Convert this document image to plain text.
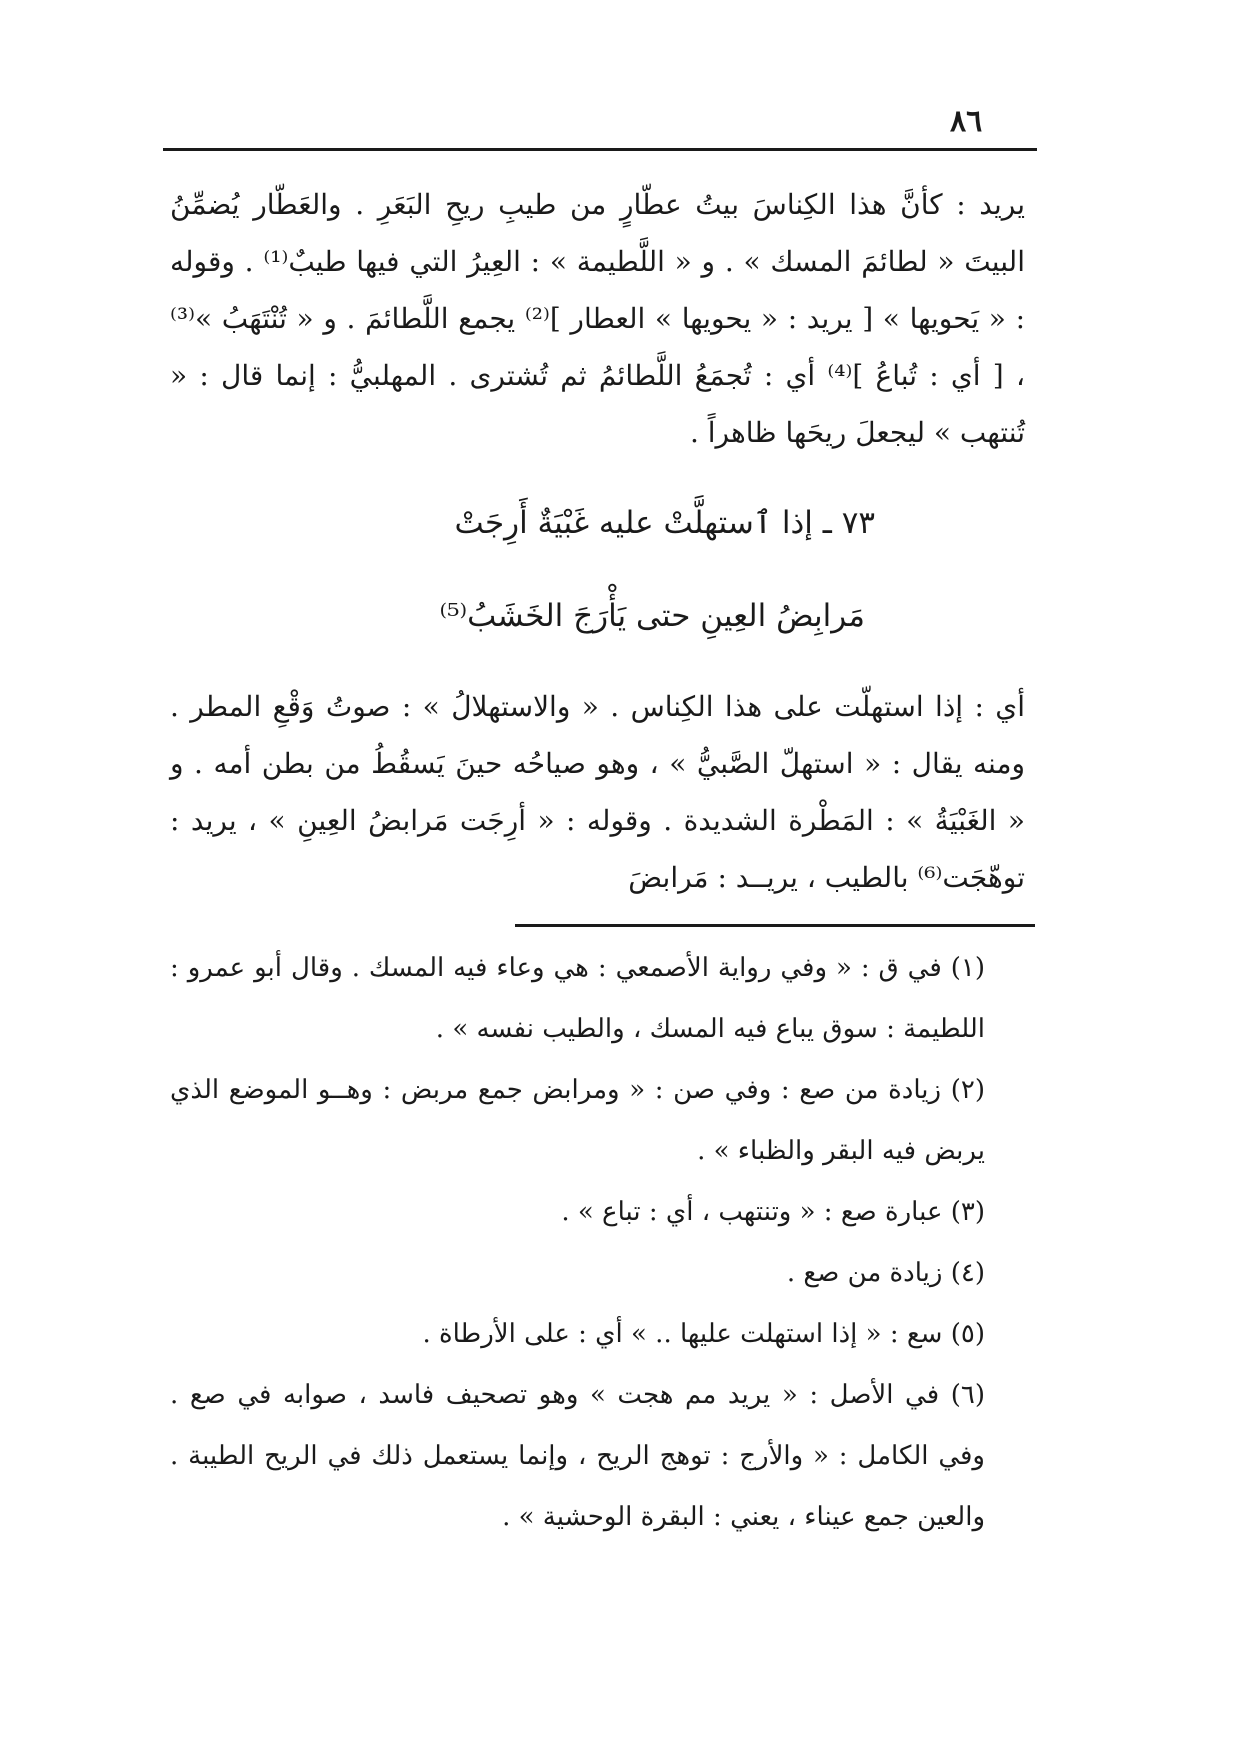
٨٦

يريد : كأنَّ هذا الكِناسَ بيتُ عطّارٍ من طيبِ ريحِ البَعَرِ . والعَطّار يُضمِّنُ البيتَ « لطائمَ المسك » . و « اللَّطيمة » : العِيرُ التي فيها طيبٌ⁽¹⁾ . وقوله : « يَحويها » [ يريد : « يحويها » العطار ]⁽²⁾ يجمع اللَّطائمَ . و « تُنْتَهَبُ »⁽³⁾ ، [ أي : تُباعُ ]⁽⁴⁾ أي : تُجمَعُ اللَّطائمُ ثم تُشترى . المهلبيُّ : إنما قال : « تُنتهب » ليجعلَ ريحَها ظاهراً .

٧٣ ـ إذا ٱستهلَّتْ عليه غَبْيَةٌ أَرِجَتْ

مَرابِضُ العِينِ حتى يَأْرَجَ الخَشَبُ⁽⁵⁾

أي : إذا استهلّت على هذا الكِناس . « والاستهلالُ » : صوتُ وَقْعِ المطر . ومنه يقال : « استهلّ الصَّبيُّ » ، وهو صياحُه حينَ يَسقُطُ من بطن أمه . و « الغَبْيَةُ » : المَطْرة الشديدة . وقوله : « أرِجَت مَرابضُ العِينِ » ، يريد : توهّجَت⁽⁶⁾ بالطيب ، يريــد : مَرابضَ

(١) في ق : « وفي رواية الأصمعي : هي وعاء فيه المسك . وقال أبو عمرو : اللطيمة : سوق يباع فيه المسك ، والطيب نفسه » .

(٢) زيادة من صع : وفي صن : « ومرابض جمع مربض : وهــو الموضع الذي يربض فيه البقر والظباء » .

(٣) عبارة صع : « وتنتهب ، أي : تباع » .

(٤) زيادة من صع .

(٥) سع : « إذا استهلت عليها .. » أي : على الأرطاة .

(٦) في الأصل : « يريد مم هجت » وهو تصحيف فاسد ، صوابه في صع . وفي الكامل : « والأرج : توهج الريح ، وإنما يستعمل ذلك في الريح الطيبة . والعين جمع عيناء ، يعني : البقرة الوحشية » .
